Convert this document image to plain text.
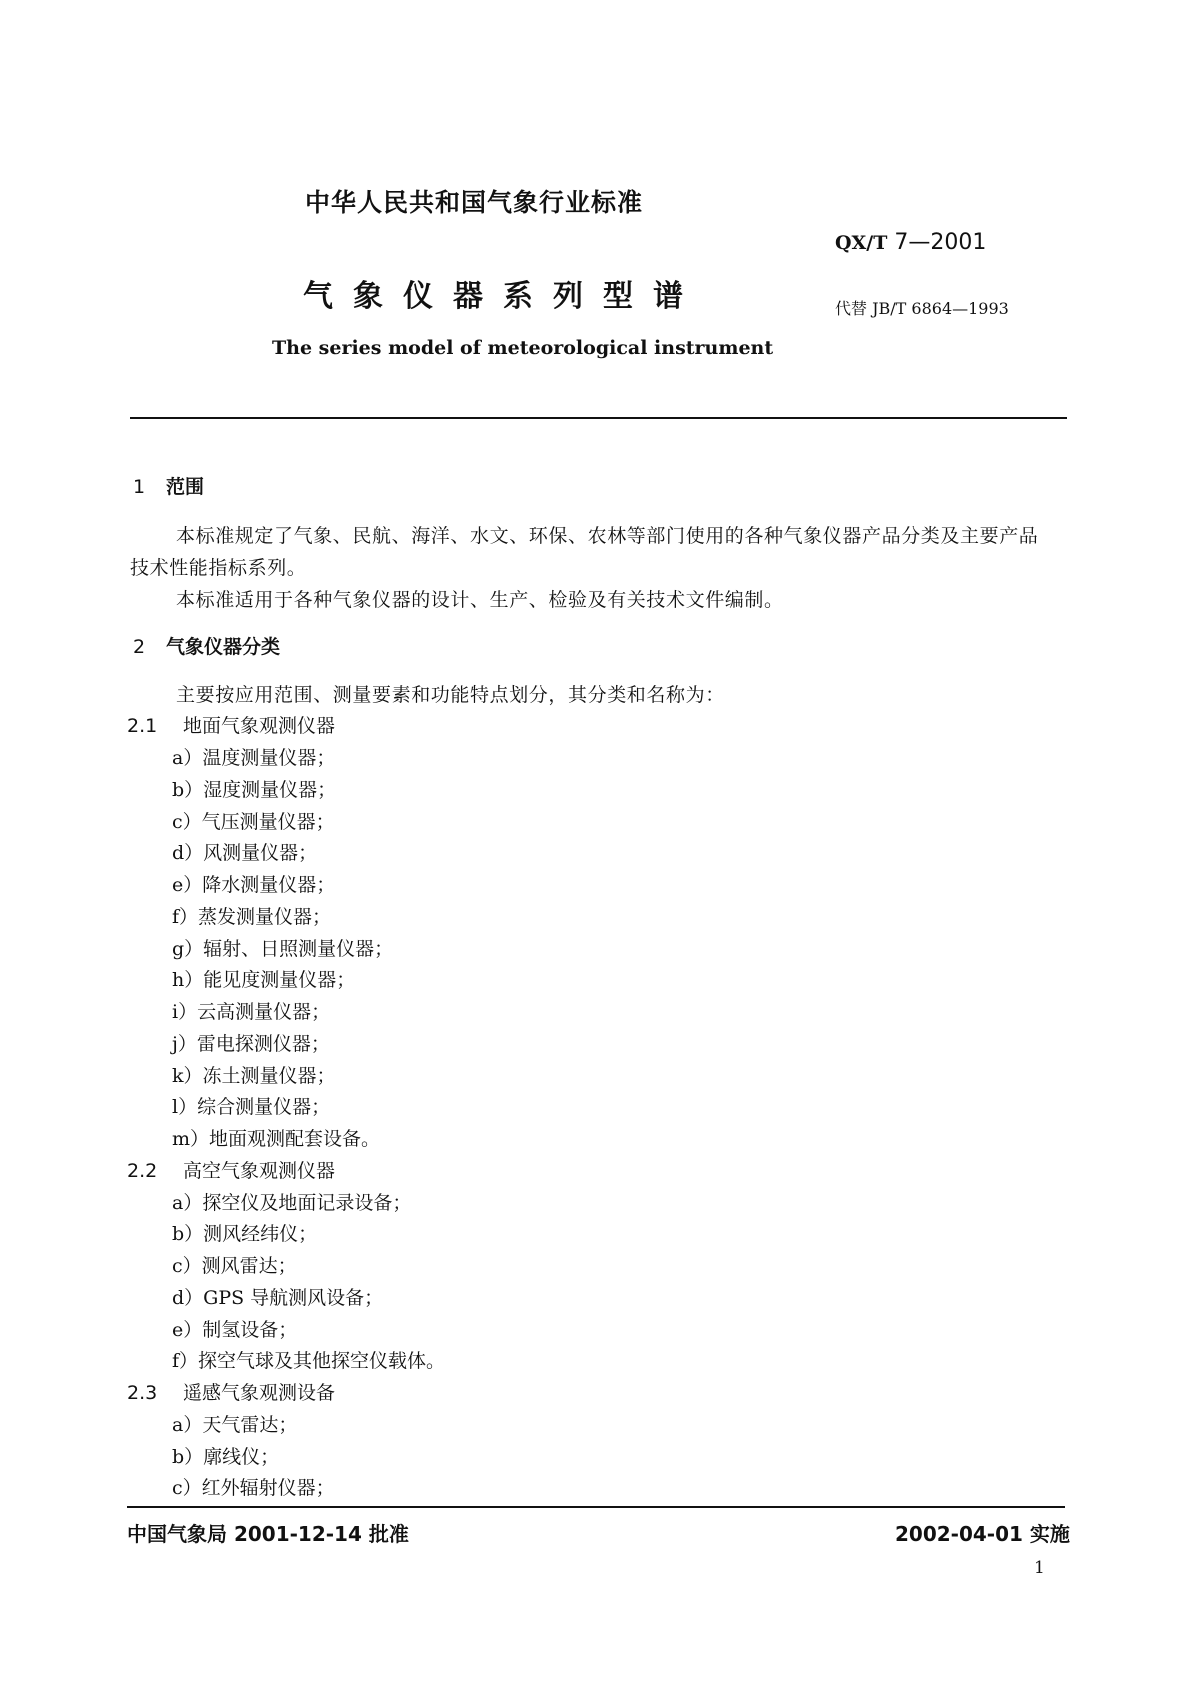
中华人民共和国气象行业标准
QX/T 7—2001
气象仪器系列型谱	代替 JB/T 6864—1993
The series model of meteorological instrument
1 范围
本标准规定了气象、民航、海洋、水文、环保、农林等部门使用的各种气象仪器产品分类及主要产品
技术性能指标系列。
本标准适用于各种气象仪器的设计、生产、检验及有关技术文件编制。
2 气象仪器分类
主要按应用范围、测量要素和功能特点划分，其分类和名称为：
2.1 地面气象观测仪器
a）温度测量仪器；
b）湿度测量仪器；
c）气压测量仪器；
d）风测量仪器；
e）降水测量仪器；
f）蒸发测量仪器；
g）辐射、日照测量仪器；
h）能见度测量仪器；
i）云高测量仪器；
j）雷电探测仪器；
k）冻土测量仪器；
l）综合测量仪器；
m）地面观测配套设备。
2.2 高空气象观测仪器
a）探空仪及地面记录设备；
b）测风经纬仪；
c）测风雷达；
d）GPS 导航测风设备；
e）制氢设备；
f）探空气球及其他探空仪载体。
2.3 遥感气象观测设备
a）天气雷达；
b）廓线仪；
c）红外辐射仪器；
中国气象局 2001-12-14 批准	2002-04-01 实施
1
